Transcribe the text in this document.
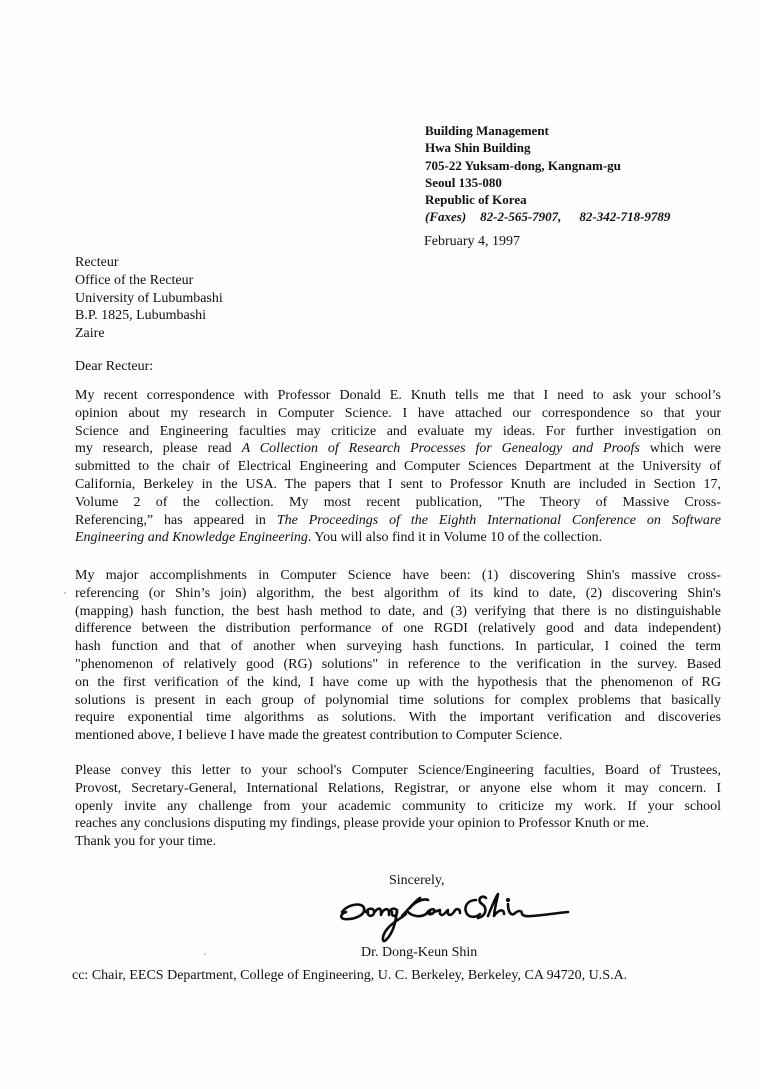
Building Management
Hwa Shin Building
705-22 Yuksam-dong, Kangnam-gu
Seoul 135-080
Republic of Korea
(Faxes) 82-2-565-7907, 82-342-718-9789
February 4, 1997
Recteur
Office of the Recteur
University of Lubumbashi
B.P. 1825, Lubumbashi
Zaire
Dear Recteur:
My recent correspondence with Professor Donald E. Knuth tells me that I need to ask your school’s
opinion about my research in Computer Science. I have attached our correspondence so that your
Science and Engineering faculties may criticize and evaluate my ideas. For further investigation on
my research, please read A Collection of Research Processes for Genealogy and Proofs which were
submitted to the chair of Electrical Engineering and Computer Sciences Department at the University of
California, Berkeley in the USA. The papers that I sent to Professor Knuth are included in Section 17,
Volume 2 of the collection. My most recent publication, "The Theory of Massive Cross-
Referencing,” has appeared in The Proceedings of the Eighth International Conference on Software
Engineering and Knowledge Engineering. You will also find it in Volume 10 of the collection.
My major accomplishments in Computer Science have been: (1) discovering Shin's massive cross-
referencing (or Shin’s join) algorithm, the best algorithm of its kind to date, (2) discovering Shin's
(mapping) hash function, the best hash method to date, and (3) verifying that there is no distinguishable
difference between the distribution performance of one RGDI (relatively good and data independent)
hash function and that of another when surveying hash functions. In particular, I coined the term
"phenomenon of relatively good (RG) solutions" in reference to the verification in the survey. Based
on the first verification of the kind, I have come up with the hypothesis that the phenomenon of RG
solutions is present in each group of polynomial time solutions for complex problems that basically
require exponential time algorithms as solutions. With the important verification and discoveries
mentioned above, I believe I have made the greatest contribution to Computer Science.
Please convey this letter to your school's Computer Science/Engineering faculties, Board of Trustees,
Provost, Secretary-General, International Relations, Registrar, or anyone else whom it may concern. I
openly invite any challenge from your academic community to criticize my work. If your school
reaches any conclusions disputing my findings, please provide your opinion to Professor Knuth or me.
Thank you for your time.
Sincerely,
Dr. Dong-Keun Shin
cc: Chair, EECS Department, College of Engineering, U. C. Berkeley, Berkeley, CA 94720, U.S.A.
